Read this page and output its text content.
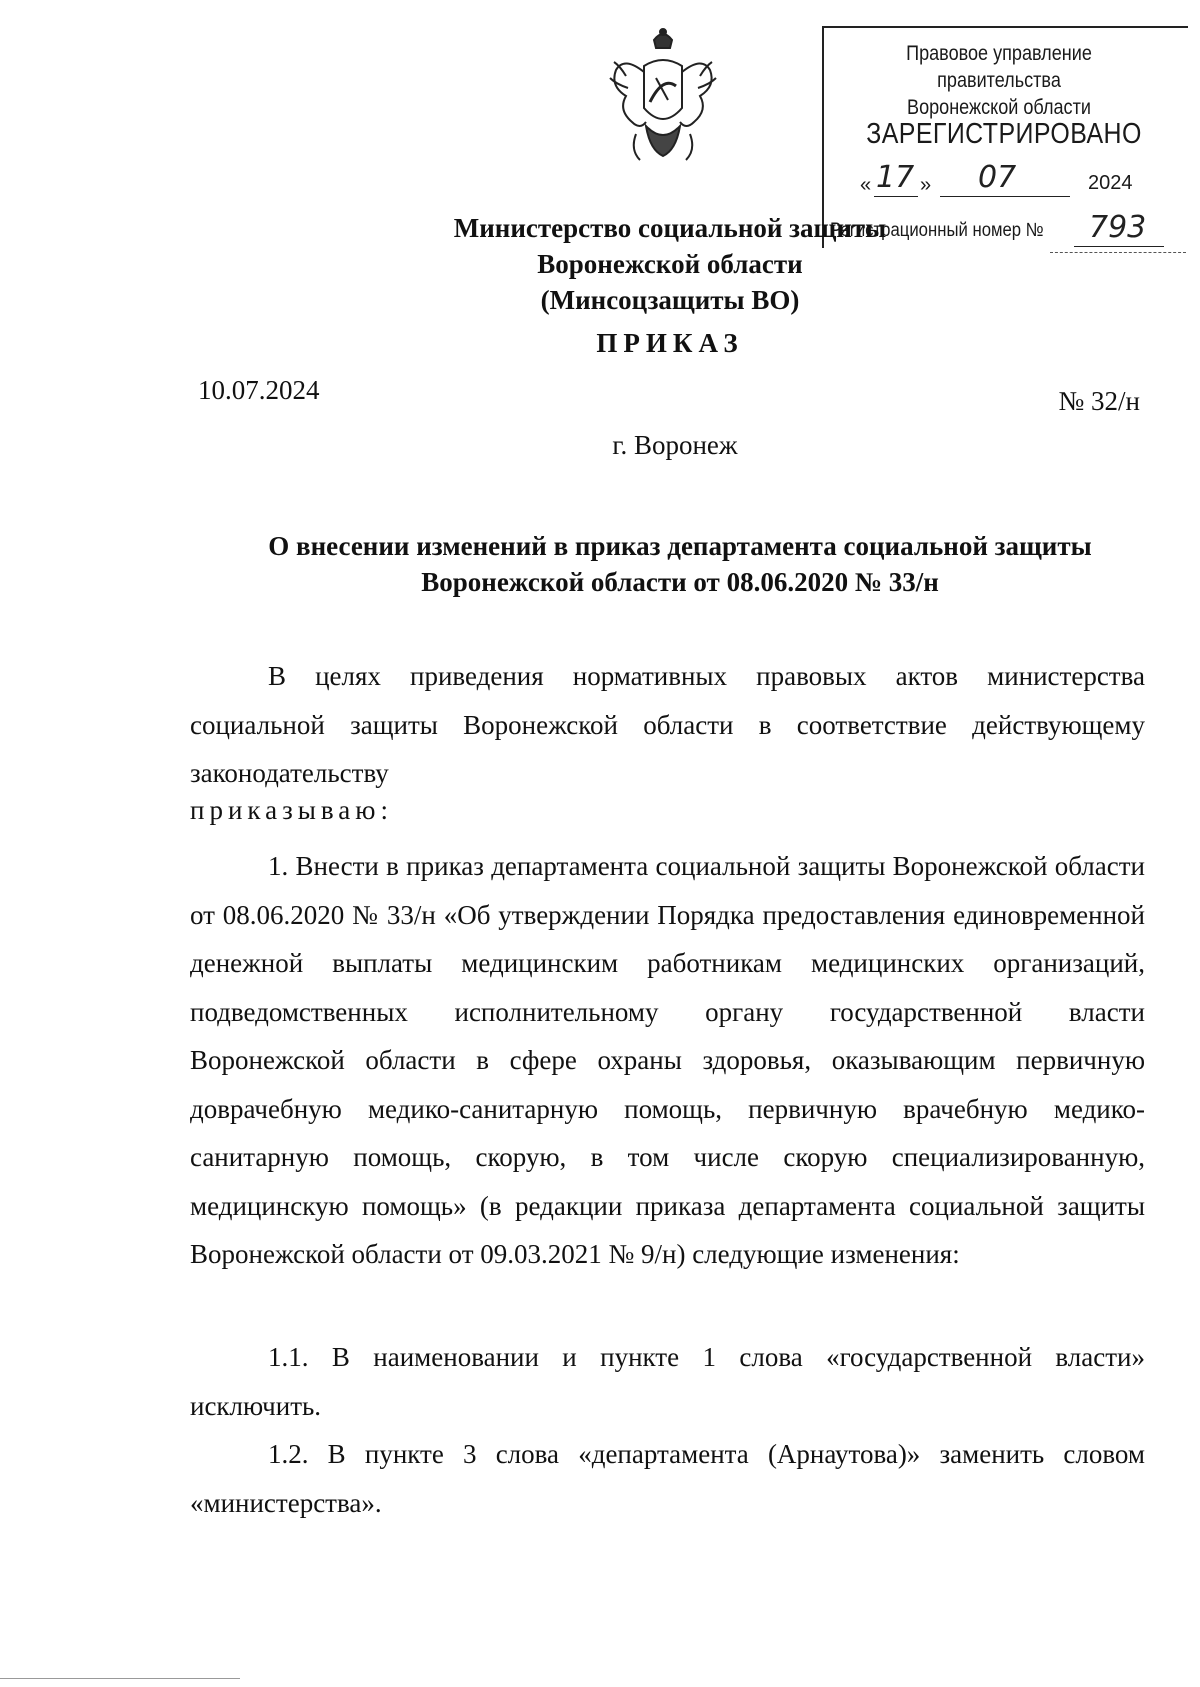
Правовое управление правительства
Воронежской области
ЗАРЕГИСТРИРОВАНО
« 17 » 07	2024
Регистрационный номер № 793
Министерство социальной защиты
Воронежской области
(Минсоцзащиты ВО)
ПРИКАЗ
10.07.2024	№ 32/н
г. Воронеж
О внесении изменений в приказ департамента социальной защиты
Воронежской области от 08.06.2020 № 33/н

В целях приведения нормативных правовых актов министерства социальной защиты Воронежской области в соответствие действующему законодательству

приказываю:

1. Внести в приказ департамента социальной защиты Воронежской области от 08.06.2020 № 33/н «Об утверждении Порядка предоставления единовременной денежной выплаты медицинским работникам медицинских организаций, подведомственных исполнительному органу государственной власти Воронежской области в сфере охраны здоровья, оказывающим первичную доврачебную медико-санитарную помощь, первичную врачебную медико-санитарную помощь, скорую, в том числе скорую специализированную, медицинскую помощь» (в редакции приказа департамента социальной защиты Воронежской области от 09.03.2021 № 9/н) следующие изменения:

1.1. В наименовании и пункте 1 слова «государственной власти» исключить.

1.2. В пункте 3 слова «департамента (Арнаутова)» заменить словом «министерства».
